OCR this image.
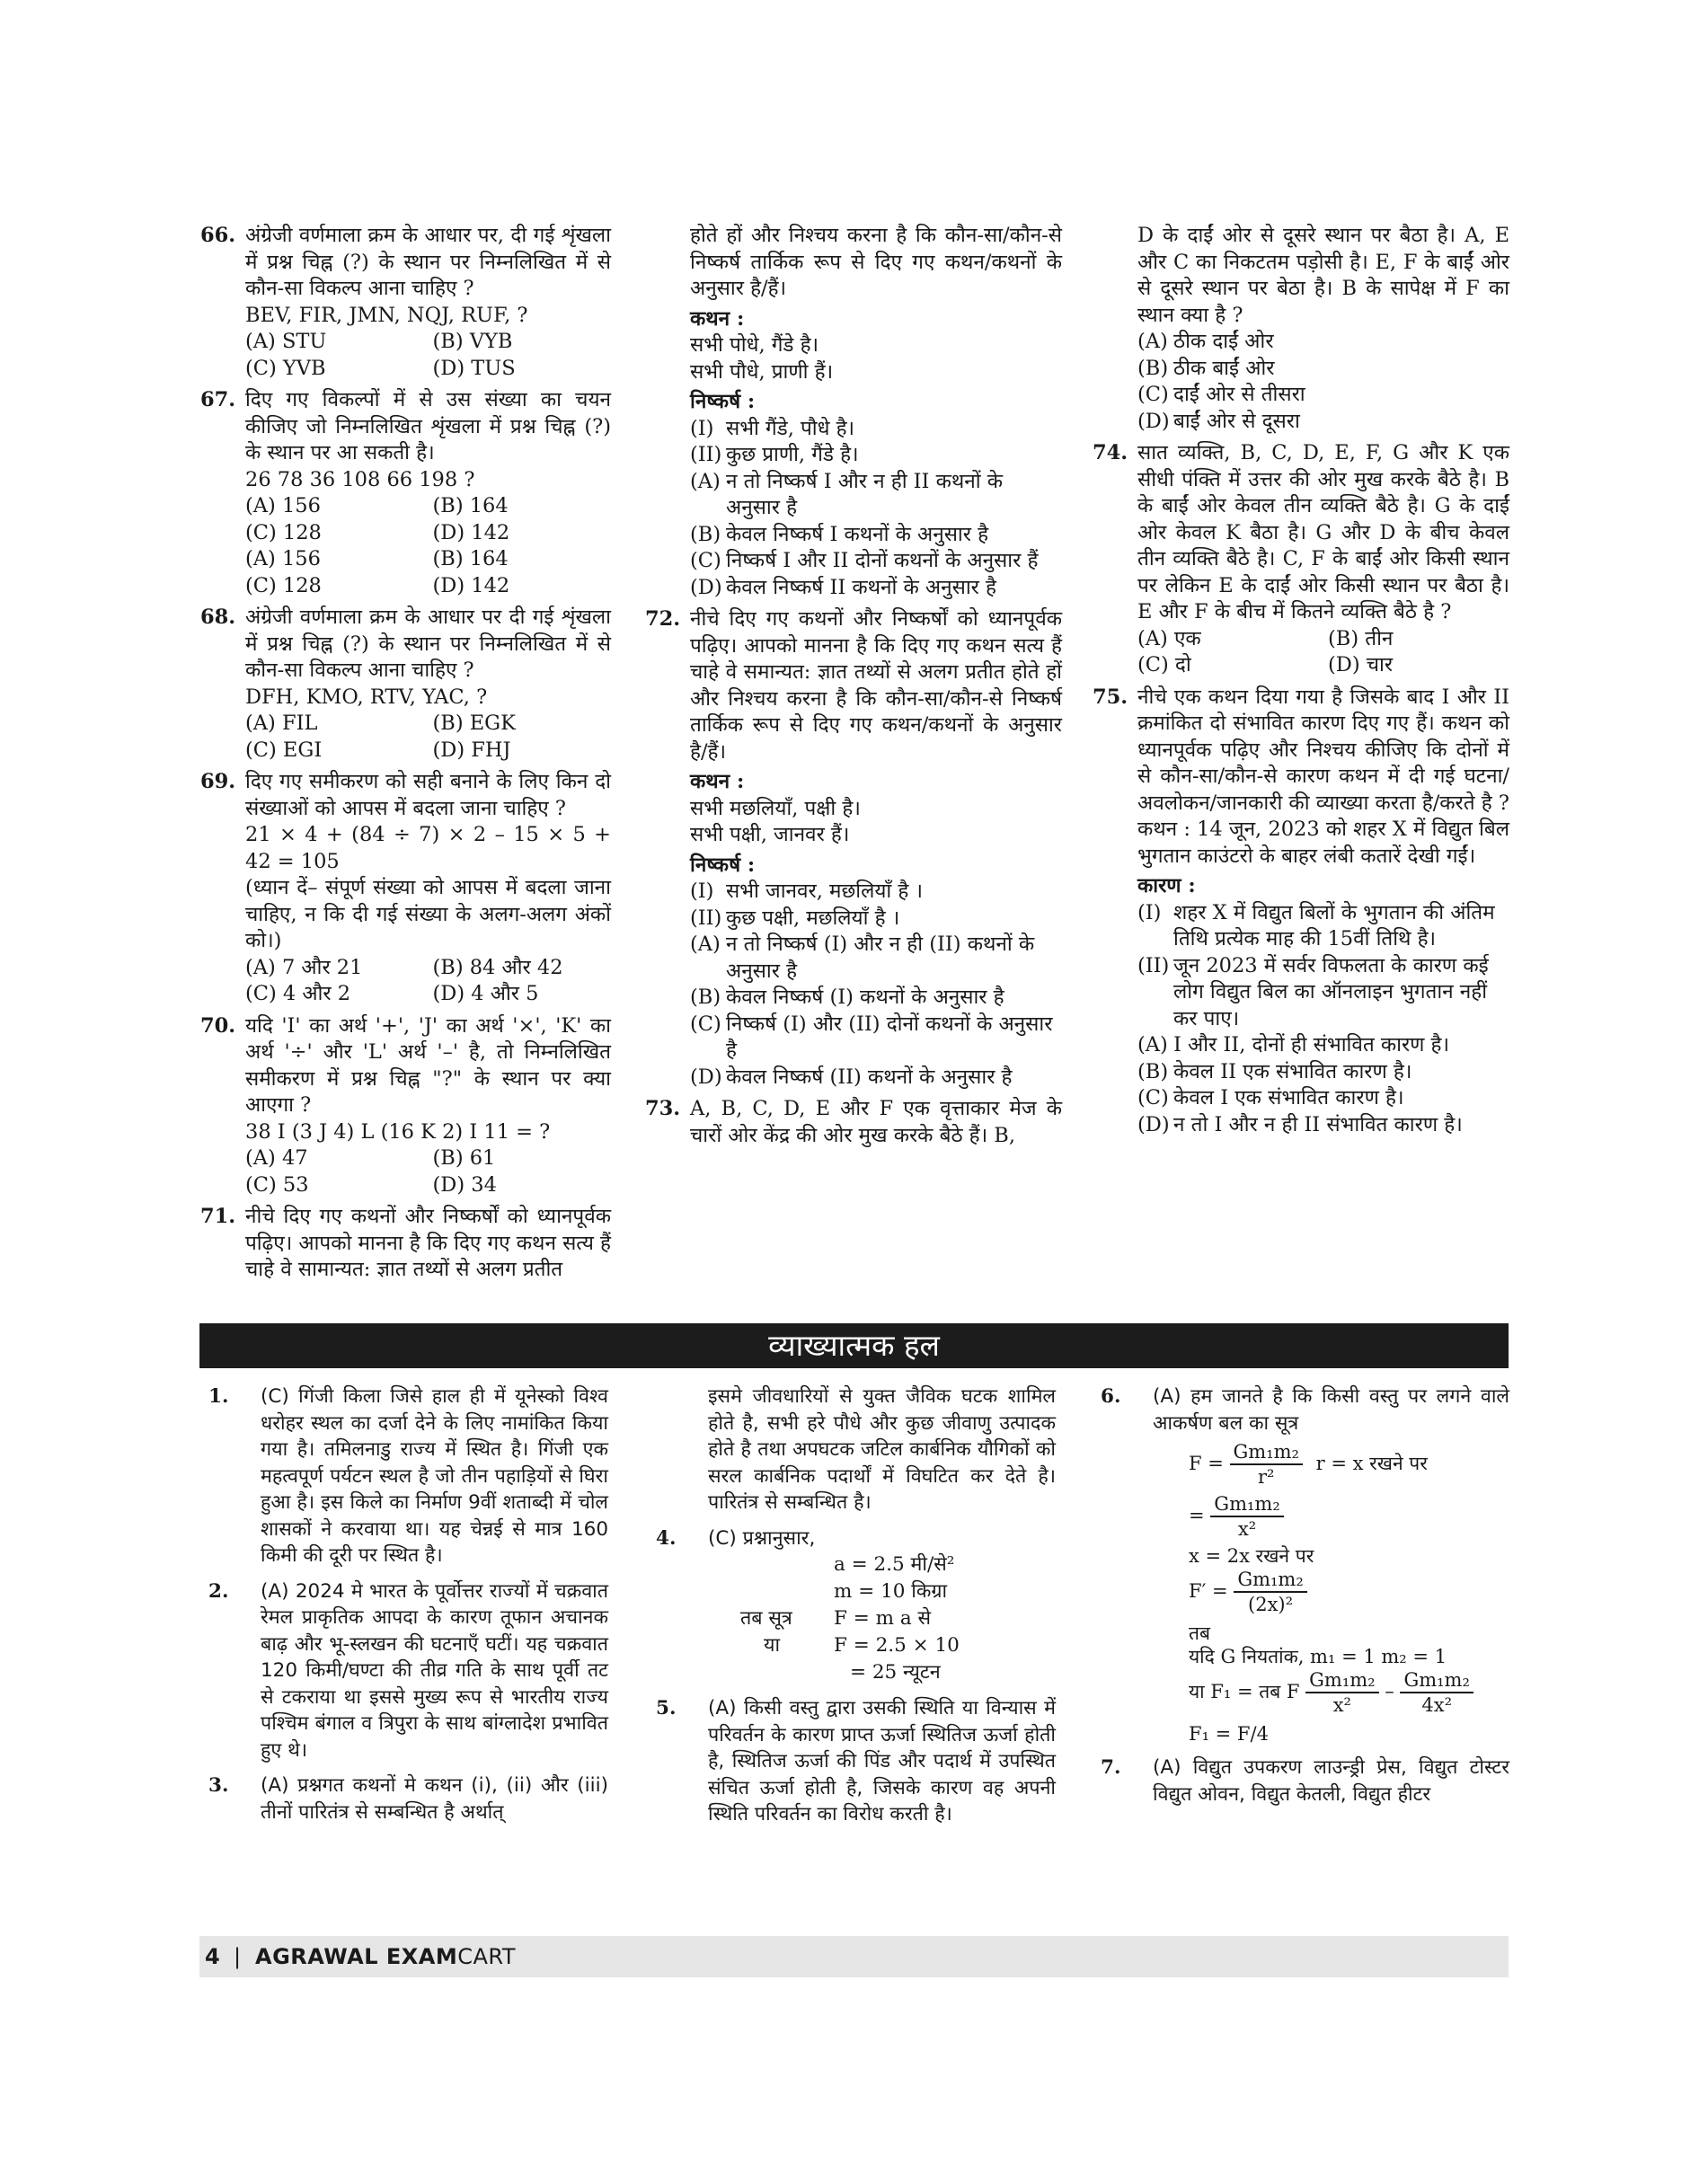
66. अंग्रेजी वर्णमाला क्रम के आधार पर, दी गई शृंखला में प्रश्न चिह्न (?) के स्थान पर निम्नलिखित में से कौन-सा विकल्प आना चाहिए ?

BEV, FIR, JMN, NQJ, RUF, ?

(A) STU	(B) VYB
(C) YVB	(D) TUS
67. दिए गए विकल्पों में से उस संख्या का चयन कीजिए जो निम्नलिखित शृंखला में प्रश्न चिह्न (?) के स्थान पर आ सकती है।

26 78 36 108 66 198 ?

(A) 156	(B) 164
(C) 128	(D) 142
(A) 156	(B) 164
(C) 128	(D) 142
68. अंग्रेजी वर्णमाला क्रम के आधार पर दी गई शृंखला में प्रश्न चिह्न (?) के स्थान पर निम्नलिखित में से कौन-सा विकल्प आना चाहिए ?

DFH, KMO, RTV, YAC, ?

(A) FIL	(B) EGK
(C) EGI	(D) FHJ
69. दिए गए समीकरण को सही बनाने के लिए किन दो संख्याओं को आपस में बदला जाना चाहिए ?

21 × 4 + (84 ÷ 7) × 2 – 15 × 5 + 42 = 105

(ध्यान दें– संपूर्ण संख्या को आपस में बदला जाना चाहिए, न कि दी गई संख्या के अलग-अलग अंकों को।)

(A) 7 और 21	(B) 84 और 42
(C) 4 और 2	(D) 4 और 5
70. यदि 'I' का अर्थ '+', 'J' का अर्थ '×', 'K' का अर्थ '÷' और 'L' अर्थ '–' है, तो निम्नलिखित समीकरण में प्रश्न चिह्न "?" के स्थान पर क्या आएगा ?

38 I (3 J 4) L (16 K 2) I 11 = ?

(A) 47	(B) 61
(C) 53	(D) 34
71. नीचे दिए गए कथनों और निष्कर्षों को ध्यानपूर्वक पढ़िए। आपको मानना है कि दिए गए कथन सत्य हैं चाहे वे सामान्यत: ज्ञात तथ्यों से अलग प्रतीत

होते हों और निश्चय करना है कि कौन-सा/कौन-से निष्कर्ष तार्किक रूप से दिए गए कथन/कथनों के अनुसार है/हैं।

कथन :
सभी पोधे, गैंडे है।
सभी पौधे, प्राणी हैं।
निष्कर्ष :
(I) सभी गैंडे, पौधे है।
(II) कुछ प्राणी, गैंडे है।
(A) न तो निष्कर्ष I और न ही II कथनों के अनुसार है
(B) केवल निष्कर्ष I कथनों के अनुसार है
(C) निष्कर्ष I और II दोनों कथनों के अनुसार हैं
(D) केवल निष्कर्ष II कथनों के अनुसार है
72. नीचे दिए गए कथनों और निष्कर्षों को ध्यानपूर्वक पढ़िए। आपको मानना है कि दिए गए कथन सत्य हैं चाहे वे समान्यत: ज्ञात तथ्यों से अलग प्रतीत होते हों और निश्चय करना है कि कौन-सा/कौन-से निष्कर्ष तार्किक रूप से दिए गए कथन/कथनों के अनुसार है/हैं।

कथन :
सभी मछलियाँ, पक्षी है।
सभी पक्षी, जानवर हैं।
निष्कर्ष :
(I) सभी जानवर, मछलियाँ है ।
(II) कुछ पक्षी, मछलियाँ है ।
(A) न तो निष्कर्ष (I) और न ही (II) कथनों के अनुसार है
(B) केवल निष्कर्ष (I) कथनों के अनुसार है
(C) निष्कर्ष (I) और (II) दोनों कथनों के अनुसार है
(D) केवल निष्कर्ष (II) कथनों के अनुसार है
73. A, B, C, D, E और F एक वृत्ताकार मेज के चारों ओर केंद्र की ओर मुख करके बैठे हैं। B,

D के दाईं ओर से दूसरे स्थान पर बैठा है। A, E और C का निकटतम पड़ोसी है। E, F के बाईं ओर से दूसरे स्थान पर बेठा है। B के सापेक्ष में F का स्थान क्या है ?

(A) ठीक दाईं ओर
(B) ठीक बाईं ओर
(C) दाईं ओर से तीसरा
(D) बाईं ओर से दूसरा
74. सात व्यक्ति, B, C, D, E, F, G और K एक सीधी पंक्ति में उत्तर की ओर मुख करके बैठे है। B के बाईं ओर केवल तीन व्यक्ति बैठे है। G के दाईं ओर केवल K बैठा है। G और D के बीच केवल तीन व्यक्ति बैठे है। C, F के बाईं ओर किसी स्थान पर लेकिन E के दाईं ओर किसी स्थान पर बैठा है। E और F के बीच में कितने व्यक्ति बैठे है ?

(A) एक	(B) तीन
(C) दो	(D) चार
75. नीचे एक कथन दिया गया है जिसके बाद I और II क्रमांकित दो संभावित कारण दिए गए हैं। कथन को ध्यानपूर्वक पढ़िए और निश्चय कीजिए कि दोनों में से कौन-सा/कौन-से कारण कथन में दी गई घटना/अवलोकन/जानकारी की व्याख्या करता है/करते है ?

कथन : 14 जून, 2023 को शहर X में विद्युत बिल भुगतान काउंटरो के बाहर लंबी कतारें देखी गईं।

कारण :
(I) शहर X में विद्युत बिलों के भुगतान की अंतिम तिथि प्रत्येक माह की 15वीं तिथि है।
(II) जून 2023 में सर्वर विफलता के कारण कई लोग विद्युत बिल का ऑनलाइन भुगतान नहीं कर पाए।
(A) I और II, दोनों ही संभावित कारण है।
(B) केवल II एक संभावित कारण है।
(C) केवल I एक संभावित कारण है।
(D) न तो I और न ही II संभावित कारण है।
व्याख्यात्मक हल
1. (C) गिंजी किला जिसे हाल ही में यूनेस्को विश्व धरोहर स्थल का दर्जा देने के लिए नामांकित किया गया है। तमिलनाडु राज्य में स्थित है। गिंजी एक महत्वपूर्ण पर्यटन स्थल है जो तीन पहाड़ियों से घिरा हुआ है। इस किले का निर्माण 9वीं शताब्दी में चोल शासकों ने करवाया था। यह चेन्नई से मात्र 160 किमी की दूरी पर स्थित है।

2. (A) 2024 मे भारत के पूर्वोत्तर राज्यों में चक्रवात रेमल प्राकृतिक आपदा के कारण तूफान अचानक बाढ़ और भू-स्लखन की घटनाएँ घटीं। यह चक्रवात 120 किमी/घण्टा की तीव्र गति के साथ पूर्वी तट से टकराया था इससे मुख्य रूप से भारतीय राज्य पश्चिम बंगाल व त्रिपुरा के साथ बांग्लादेश प्रभावित हुए थे।

3. (A) प्रश्नगत कथनों मे कथन (i), (ii) और (iii) तीनों पारितंत्र से सम्बन्धित है अर्थात्

इसमे जीवधारियों से युक्त जैविक घटक शामिल होते है, सभी हरे पौधे और कुछ जीवाणु उत्पादक होते है तथा अपघटक जटिल कार्बनिक यौगिकों को सरल कार्बनिक पदार्थों में विघटित कर देते है। पारितंत्र से सम्बन्धित है।

4. (C) प्रश्नानुसार,

a = 2.5 मी/से²
m = 10 किग्रा
तब सूत्र F = m a से
या	F = 2.5 × 10
= 25 न्यूटन
5. (A) किसी वस्तु द्वारा उसकी स्थिति या विन्यास में परिवर्तन के कारण प्राप्त ऊर्जा स्थितिज ऊर्जा होती है, स्थितिज ऊर्जा की पिंड और पदार्थ में उपस्थित संचित ऊर्जा होती है, जिसके कारण वह अपनी स्थिति परिवर्तन का विरोध करती है।

6. (A) हम जानते है कि किसी वस्तु पर लगने वाले आकर्षण बल का सूत्र

$F = \frac{\text{Gm₁m₂}}{\text{r²}}$ r = x रखने पर
= $\frac{\text{Gm₁m₂}}{\text{x²}}$
x = 2x रखने पर
$F' = \frac{\text{Gm₁m₂}}{\text{(2x)²}}$
तब
यदि G नियतांक, m₁ = 1 m₂ = 1
या F₁ = तब F $\frac{\text{Gm₁m₂}}{\text{x²}} - \frac{\text{Gm₁m₂}}{\text{4x²}}$
F₁ = F/4
7. (A) विद्युत उपकरण लाउन्ड्री प्रेस, विद्युत टोस्टर विद्युत ओवन, विद्युत केतली, विद्युत हीटर

4 | AGRAWAL EXAMCART
